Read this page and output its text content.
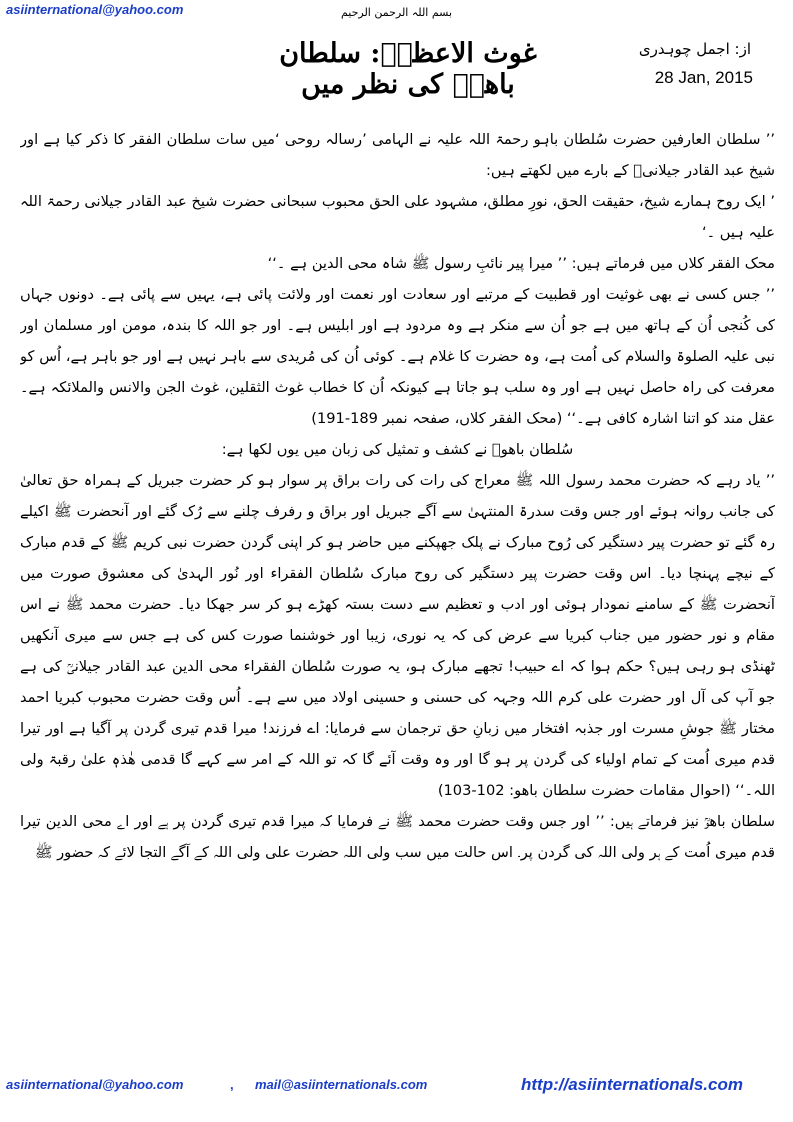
asiinternational@yahoo.com	بسم اللہ الرحمن الرحیم
غوث الاعظمؒ: سلطان باھوؒ کی نظر میں
از: اجمل چوہدری
28 Jan, 2015

’’ سلطان العارفین حضرت سُلطان باہو رحمۃ اللہ علیہ نے الہامی ’رسالہ روحی ‘میں سات سلطان الفقر کا ذکر کیا ہے اور شیخ عبد القادر جیلانیؒ کے بارے میں لکھتے ہیں:

’ ایک روح ہمارے شیخ، حقیقت الحق، نورِ مطلق، مشہود علی الحق محبوب سبحانی حضرت شیخ عبد القادر جیلانی رحمۃ اللہ علیہ ہیں ۔‘

محک الفقر کلاں میں فرماتے ہیں: ’’ میرا پیر نائبِ رسول ﷺ شاہ محی الدین ہے ۔‘‘

’’ جس کسی نے بھی غوثیت اور قطبیت کے مرتبے اور سعادت اور نعمت اور ولائت پائی ہے، یہیں سے پائی ہے۔ دونوں جہاں کی کُنجی اُن کے ہاتھ میں ہے جو اُن سے منکر ہے وہ مردود ہے اور ابلیس ہے۔ اور جو اللہ کا بندہ، مومن اور مسلمان اور نبی علیہ الصلوۃ والسلام کی اُمت ہے، وہ حضرت کا غلام ہے۔ کوئی اُن کی مُریدی سے باہر نہیں ہے اور جو باہر ہے، اُس کو معرفت کی راہ حاصل نہیں ہے اور وہ سلب ہو جاتا ہے کیونکہ اُن کا خطاب غوث الثقلین، غوث الجن والانس والملائکہ ہے۔ عقل مند کو اتنا اشارہ کافی ہے۔‘‘ (محک الفقر کلاں، صفحہ نمبر 189-191)

سُلطان باھوؒ نے کشف و تمثیل کی زبان میں یوں لکھا ہے:

’’ یاد رہے کہ حضرت محمد رسول اللہ ﷺ معراج کی رات کی رات براق پر سوار ہو کر حضرت جبریل کے ہمراہ حق تعالیٰ کی جانب روانہ ہوئے اور جس وقت سدرۃ المنتہیٰ سے آگے جبریل اور براق و رفرف چلنے سے رُک گئے اور آنحضرت ﷺ اکیلے رہ گئے تو حضرت پیر دستگیر کی رُوح مبارک نے پلک جھپکنے میں حاضر ہو کر اپنی گردن حضرت نبی کریم ﷺ کے قدم مبارک کے نیچے پہنچا دیا۔ اس وقت حضرت پیر دستگیر کی روح مبارک سُلطان الفقراء اور نُور الہدیٰ کی معشوق صورت میں آنحضرت ﷺ کے سامنے نمودار ہوئی اور ادب و تعظیم سے دست بستہ کھڑے ہو کر سر جھکا دیا۔ حضرت محمد ﷺ نے اس مقام و نور حضور میں جناب کبریا سے عرض کی کہ یہ نوری، زیبا اور خوشنما صورت کس کی ہے جس سے میری آنکھیں ٹھنڈی ہو رہی ہیں؟ حکم ہوا کہ اے حبیب! تجھے مبارک ہو، یہ صورت سُلطان الفقراء محی الدین عبد القادر جیلانیؒ کی ہے جو آپ کی آل اور حضرت علی کرم اللہ وجہہ کی حسنی و حسینی اولاد میں سے ہے۔ اُس وقت حضرت محبوب کبریا احمد مختار ﷺ جوشِ مسرت اور جذبہ افتخار میں زبانِ حق ترجمان سے فرمایا: اے فرزند! میرا قدم تیری گردن پر آگیا ہے اور تیرا قدم میری اُمت کے تمام اولیاء کی گردن پر ہو گا اور وہ وقت آئے گا کہ تو اللہ کے امر سے کہے گا قدمی ھٰذہٖ علیٰ رقبۃ ولی اللہ۔‘‘ (احوال مقامات حضرت سلطان باھو: 102-103)

سلطان باھوؒ نیز فرماتے ہیں: ’’ اور جس وقت حضرت محمد ﷺ نے فرمایا کہ میرا قدم تیری گردن پر ہے اور اے محی الدین تیرا قدم میری اُمت کے ہر ولی اللہ کی گردن پر۔ اس حالت میں سب ولی اللہ حضرت علی ولی اللہ کے آگے التجا لائے کہ حضور ﷺ

asiinternational@yahoo.com	, mail@asiinternationals.com	http://asiinternationals.com
